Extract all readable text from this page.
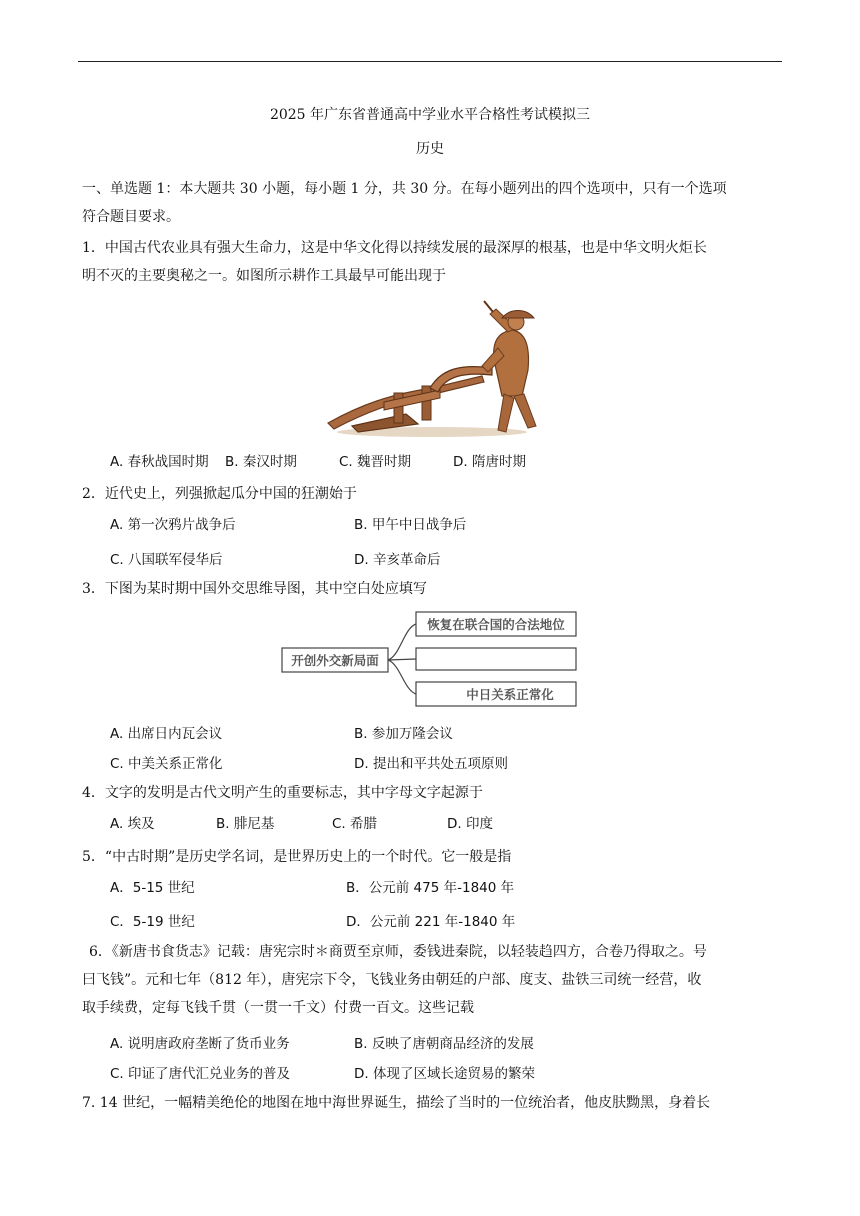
2025 年广东省普通高中学业水平合格性考试模拟三
历史
一、单选题 1：本大题共 30 小题，每小题 1 分，共 30 分。在每小题列出的四个选项中，只有一个选项
符合题目要求。
1．中国古代农业具有强大生命力，这是中华文化得以持续发展的最深厚的根基，也是中华文明火炬长
明不灭的主要奥秘之一。如图所示耕作工具最早可能出现于
A. 春秋战国时期 B. 秦汉时期	C. 魏晋时期	D. 隋唐时期
2．近代史上，列强掀起瓜分中国的狂潮始于
A. 第一次鸦片战争后	B. 甲午中日战争后
C. 八国联军侵华后	D. 辛亥革命后
3．下图为某时期中国外交思维导图，其中空白处应填写
开创外交新局面
恢复在联合国的合法地位
中日关系正常化
A. 出席日内瓦会议	B. 参加万隆会议
C. 中美关系正常化	D. 提出和平共处五项原则
4．文字的发明是古代文明产生的重要标志，其中字母文字起源于
A. 埃及	B. 腓尼基	C. 希腊	D. 印度
5．“中古时期”是历史学名词，是世界历史上的一个时代。它一般是指
A．5-15 世纪	B．公元前 475 年-1840 年
C．5-19 世纪	D．公元前 221 年-1840 年
6．《新唐书食货志》记载：唐宪宗时＊商贾至京师，委钱进秦院，以轻装趋四方，合卷乃得取之。号
曰飞钱”。元和七年（812 年），唐宪宗下令，飞钱业务由朝廷的户部、度支、盐铁三司统一经营，收
取手续费，定每飞钱千贯（一贯一千文）付费一百文。这些记载
A. 说明唐政府垄断了货币业务	B. 反映了唐朝商品经济的发展
C. 印证了唐代汇兑业务的普及	D. 体现了区域长途贸易的繁荣
7. 14 世纪，一幅精美绝伦的地图在地中海世界诞生，描绘了当时的一位统治者，他皮肤黝黑，身着长
